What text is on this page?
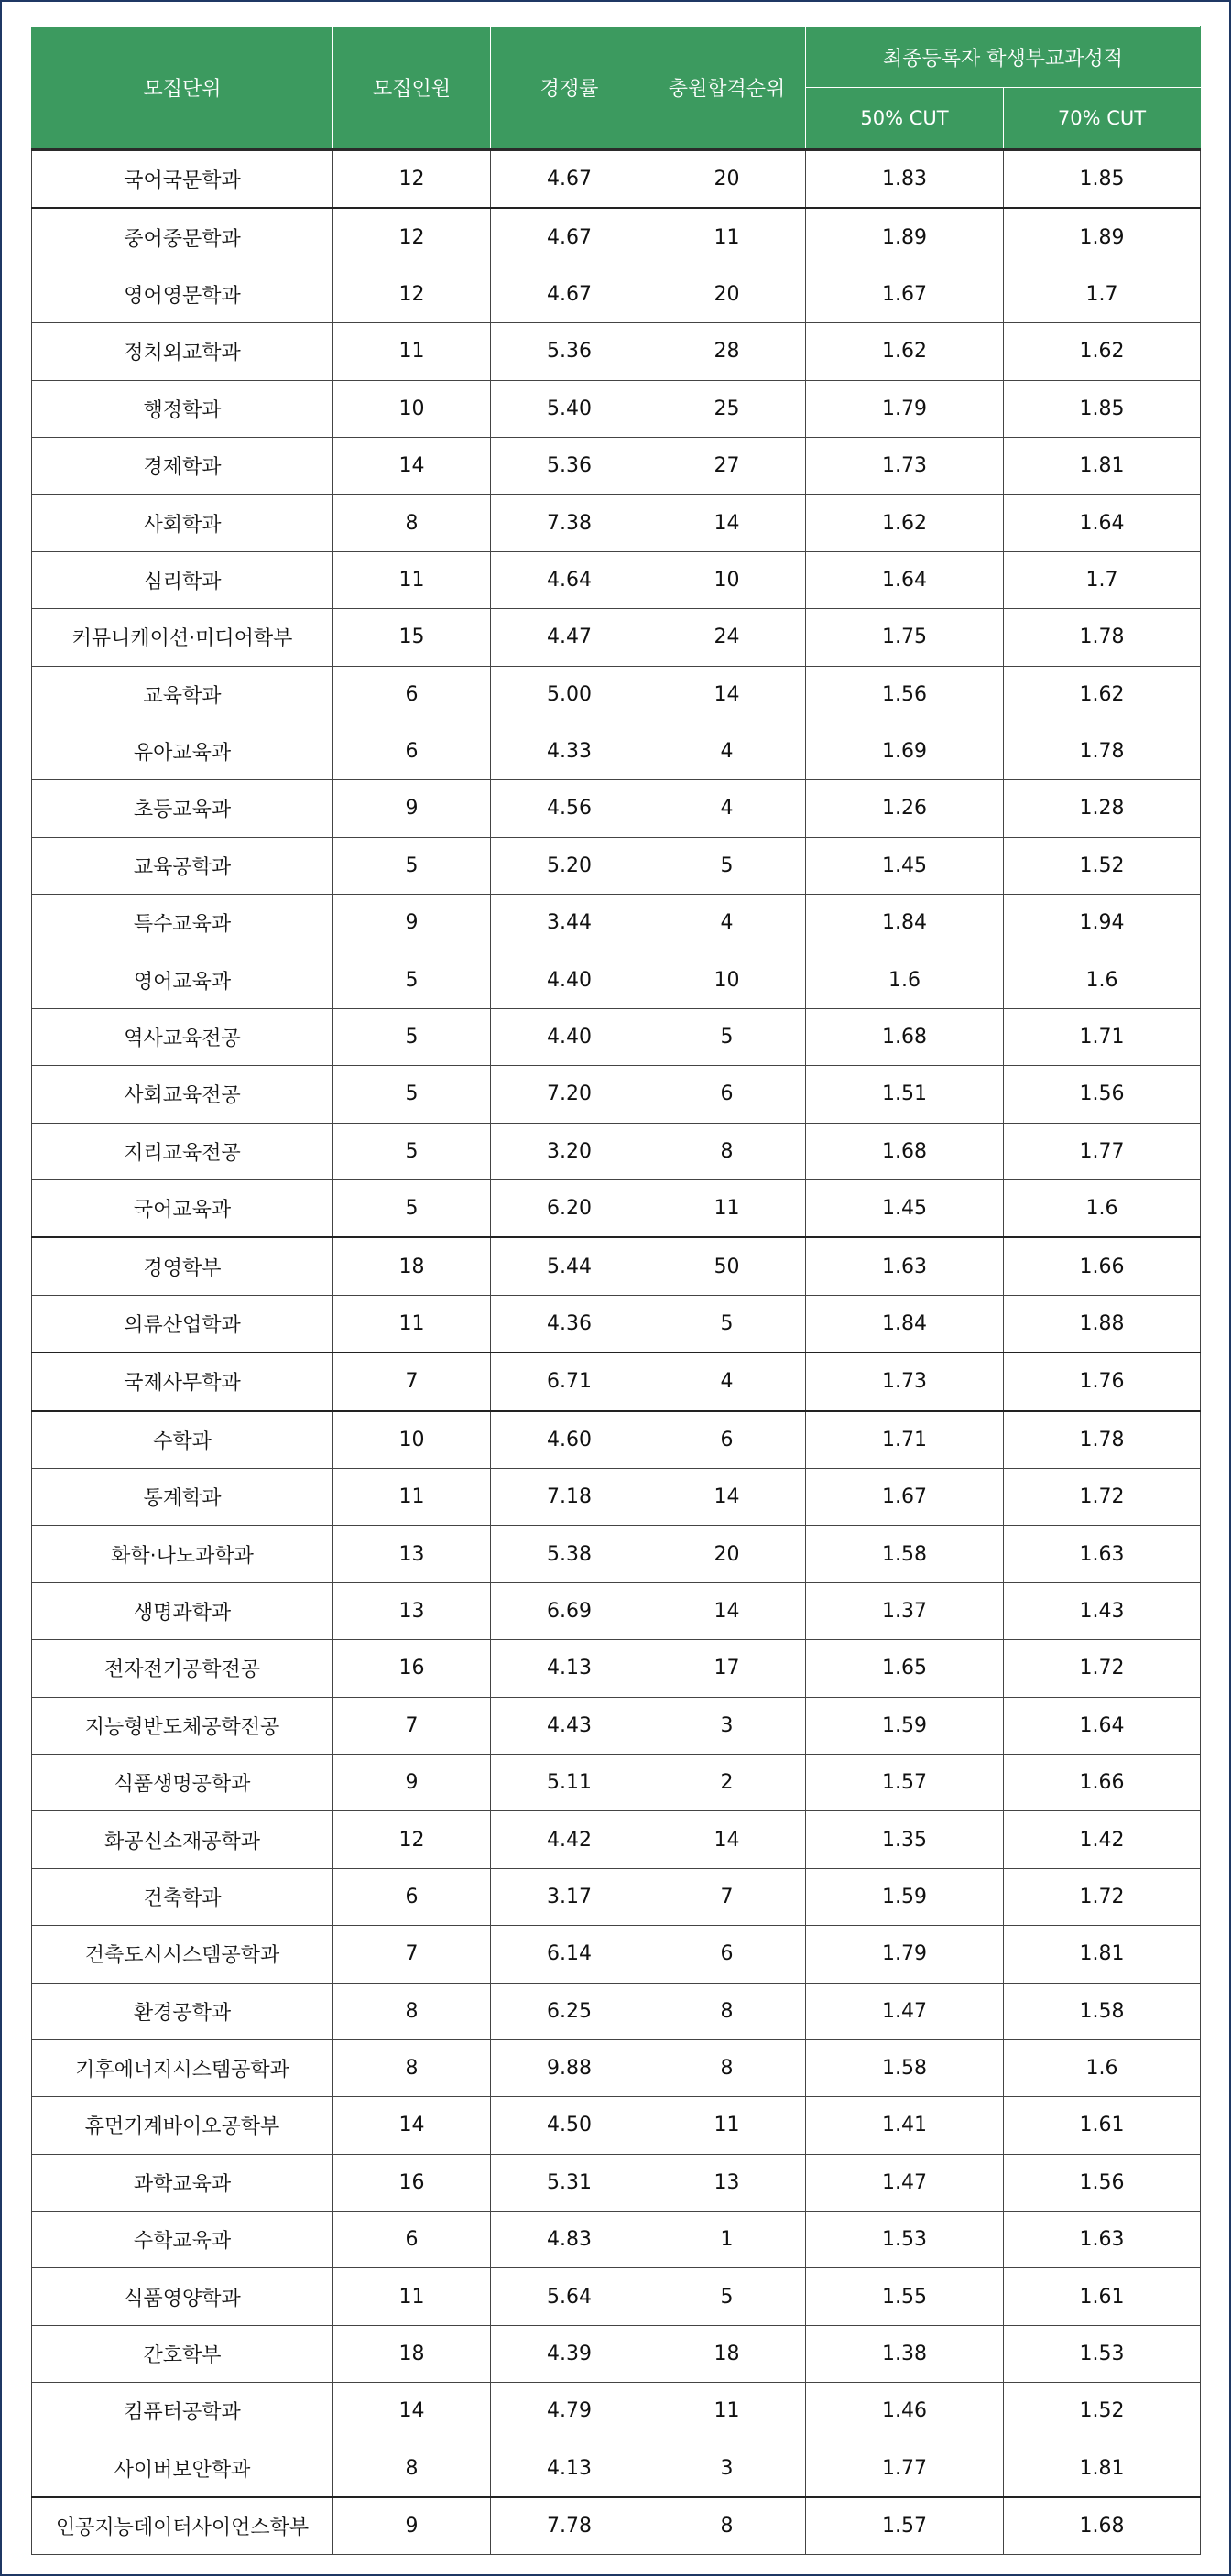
모집단위	모집인원	경쟁률	충원합격순위	최종등록자 학생부교과성적	
				50% CUT	70% CUT
국어국문학과	12	4.67	20	1.83	1.85
중어중문학과	12	4.67	11	1.89	1.89
영어영문학과	12	4.67	20	1.67	1.7
정치외교학과	11	5.36	28	1.62	1.62
행정학과	10	5.40	25	1.79	1.85
경제학과	14	5.36	27	1.73	1.81
사회학과	8	7.38	14	1.62	1.64
심리학과	11	4.64	10	1.64	1.7
커뮤니케이션·미디어학부	15	4.47	24	1.75	1.78
교육학과	6	5.00	14	1.56	1.62
유아교육과	6	4.33	4	1.69	1.78
초등교육과	9	4.56	4	1.26	1.28
교육공학과	5	5.20	5	1.45	1.52
특수교육과	9	3.44	4	1.84	1.94
영어교육과	5	4.40	10	1.6	1.6
역사교육전공	5	4.40	5	1.68	1.71
사회교육전공	5	7.20	6	1.51	1.56
지리교육전공	5	3.20	8	1.68	1.77
국어교육과	5	6.20	11	1.45	1.6
경영학부	18	5.44	50	1.63	1.66
의류산업학과	11	4.36	5	1.84	1.88
국제사무학과	7	6.71	4	1.73	1.76
수학과	10	4.60	6	1.71	1.78
통계학과	11	7.18	14	1.67	1.72
화학·나노과학과	13	5.38	20	1.58	1.63
생명과학과	13	6.69	14	1.37	1.43
전자전기공학전공	16	4.13	17	1.65	1.72
지능형반도체공학전공	7	4.43	3	1.59	1.64
식품생명공학과	9	5.11	2	1.57	1.66
화공신소재공학과	12	4.42	14	1.35	1.42
건축학과	6	3.17	7	1.59	1.72
건축도시시스템공학과	7	6.14	6	1.79	1.81
환경공학과	8	6.25	8	1.47	1.58
기후에너지시스템공학과	8	9.88	8	1.58	1.6
휴먼기계바이오공학부	14	4.50	11	1.41	1.61
과학교육과	16	5.31	13	1.47	1.56
수학교육과	6	4.83	1	1.53	1.63
식품영양학과	11	5.64	5	1.55	1.61
간호학부	18	4.39	18	1.38	1.53
컴퓨터공학과	14	4.79	11	1.46	1.52
사이버보안학과	8	4.13	3	1.77	1.81
인공지능데이터사이언스학부	9	7.78	8	1.57	1.68
